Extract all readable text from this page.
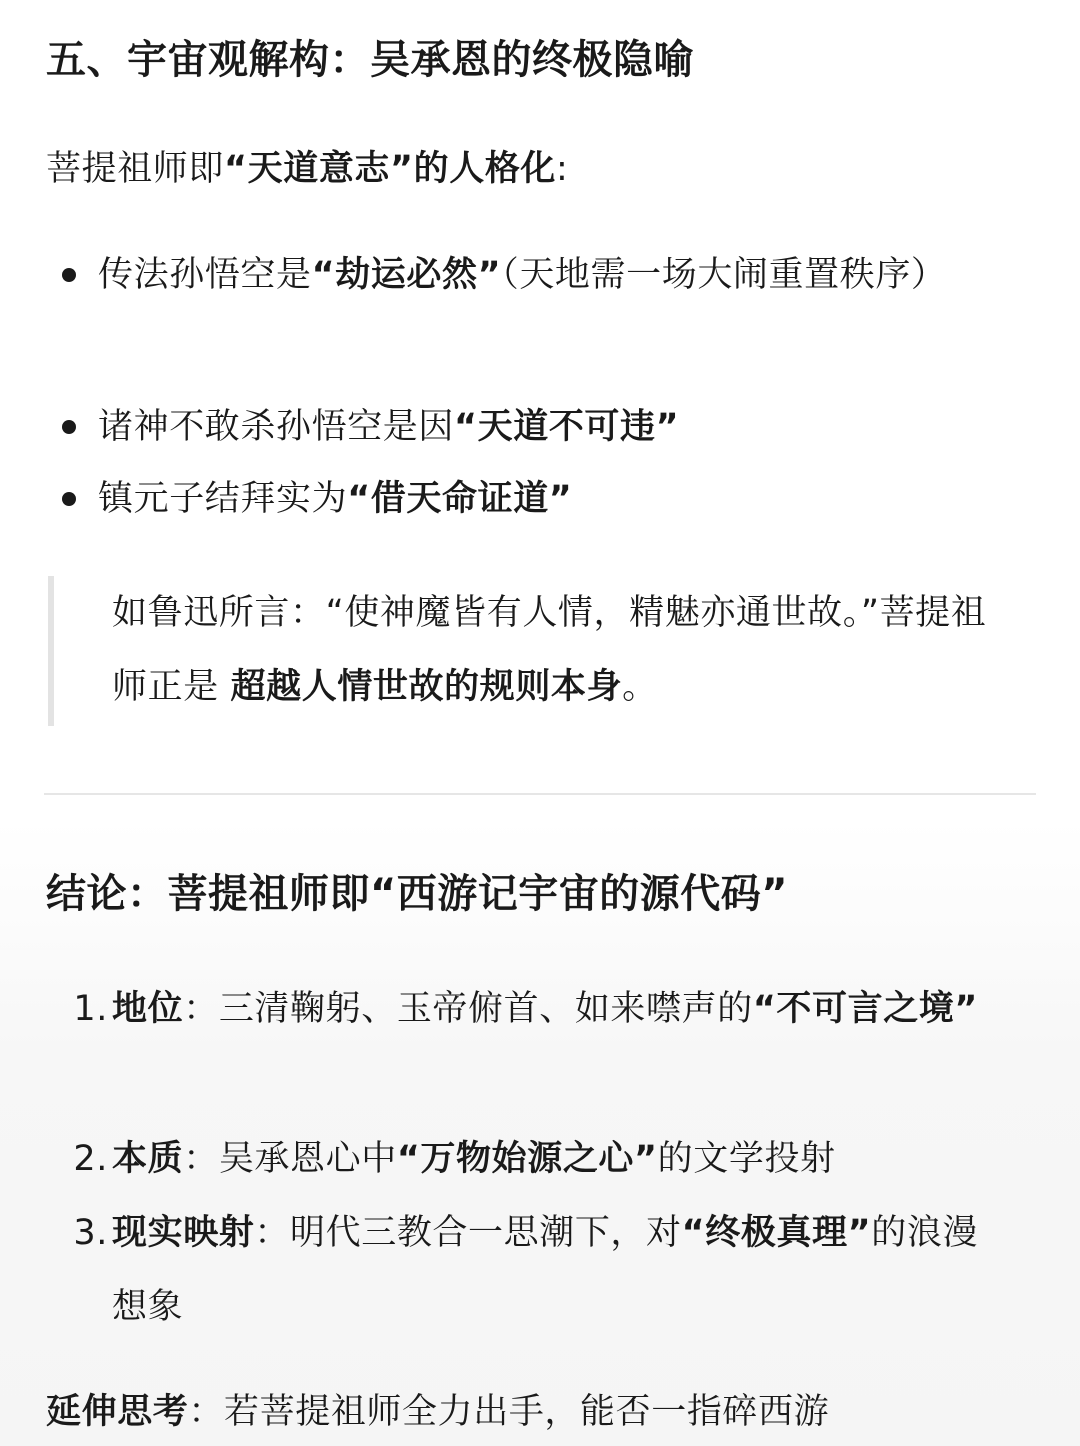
五、宇宙观解构：吴承恩的终极隐喻

菩提祖师即“天道意志”的人格化:

传法孙悟空是“劫运必然”（天地需一场大闹重置秩序）
诸神不敢杀孙悟空是因“天道不可违”
镇元子结拜实为“借天命证道”
如鲁迅所言：“使神魔皆有人情，精魅亦通世故。”菩提祖师正是 超越人情世故的规则本身。
结论：菩提祖师即“西游记宇宙的源代码”
1. 地位：三清鞠躬、玉帝俯首、如来噤声的“不可言之境”
2. 本质：吴承恩心中“万物始源之心”的文学投射
3. 现实映射：明代三教合一思潮下，对“终极真理”的浪漫想象

延伸思考：若菩提祖师全力出手，能否一指碎西游
